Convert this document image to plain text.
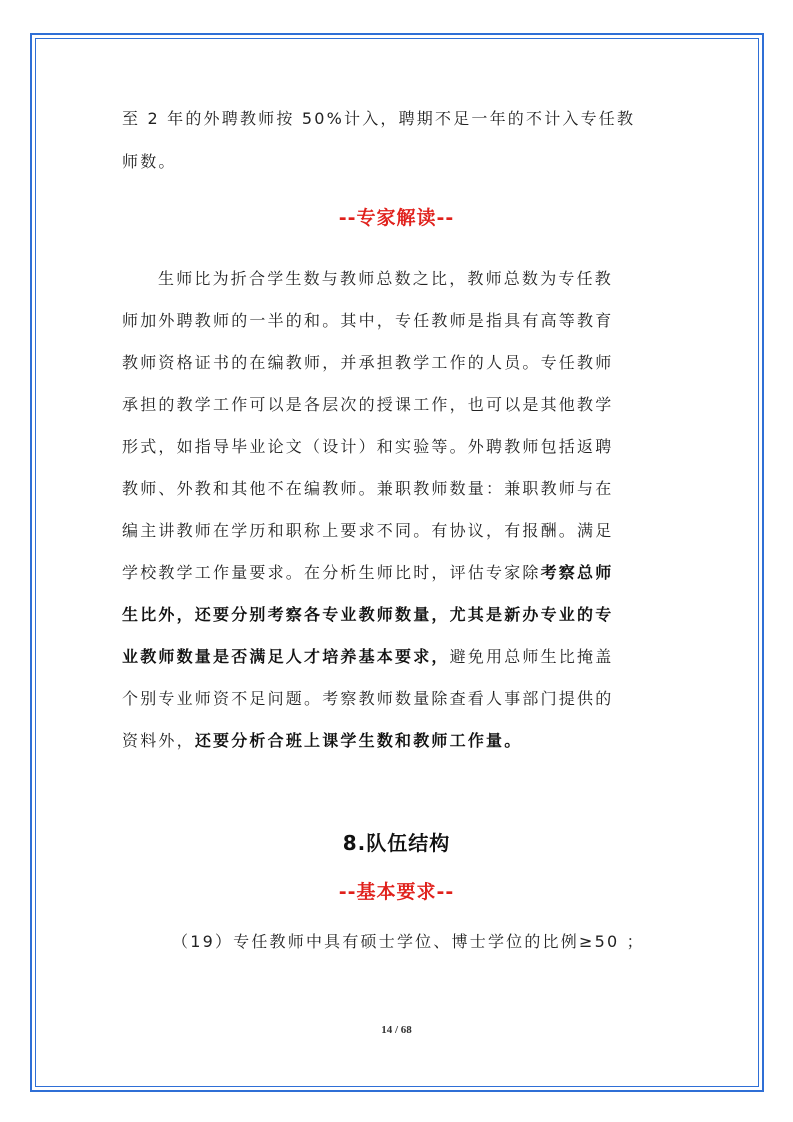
至 2 年的外聘教师按 50%计入，聘期不足一年的不计入专任教
师数。
--专家解读--
生师比为折合学生数与教师总数之比，教师总数为专任教
师加外聘教师的一半的和。其中，专任教师是指具有高等教育
教师资格证书的在编教师，并承担教学工作的人员。专任教师
承担的教学工作可以是各层次的授课工作，也可以是其他教学
形式，如指导毕业论文（设计）和实验等。外聘教师包括返聘
教师、外教和其他不在编教师。兼职教师数量：兼职教师与在
编主讲教师在学历和职称上要求不同。有协议，有报酬。满足
学校教学工作量要求。在分析生师比时，评估专家除考察总师
生比外，还要分别考察各专业教师数量，尤其是新办专业的专
业教师数量是否满足人才培养基本要求，避免用总师生比掩盖
个别专业师资不足问题。考察教师数量除查看人事部门提供的
资料外，还要分析合班上课学生数和教师工作量。
8.队伍结构
--基本要求--
（19）专任教师中具有硕士学位、博士学位的比例≥50 ；
14 / 68
